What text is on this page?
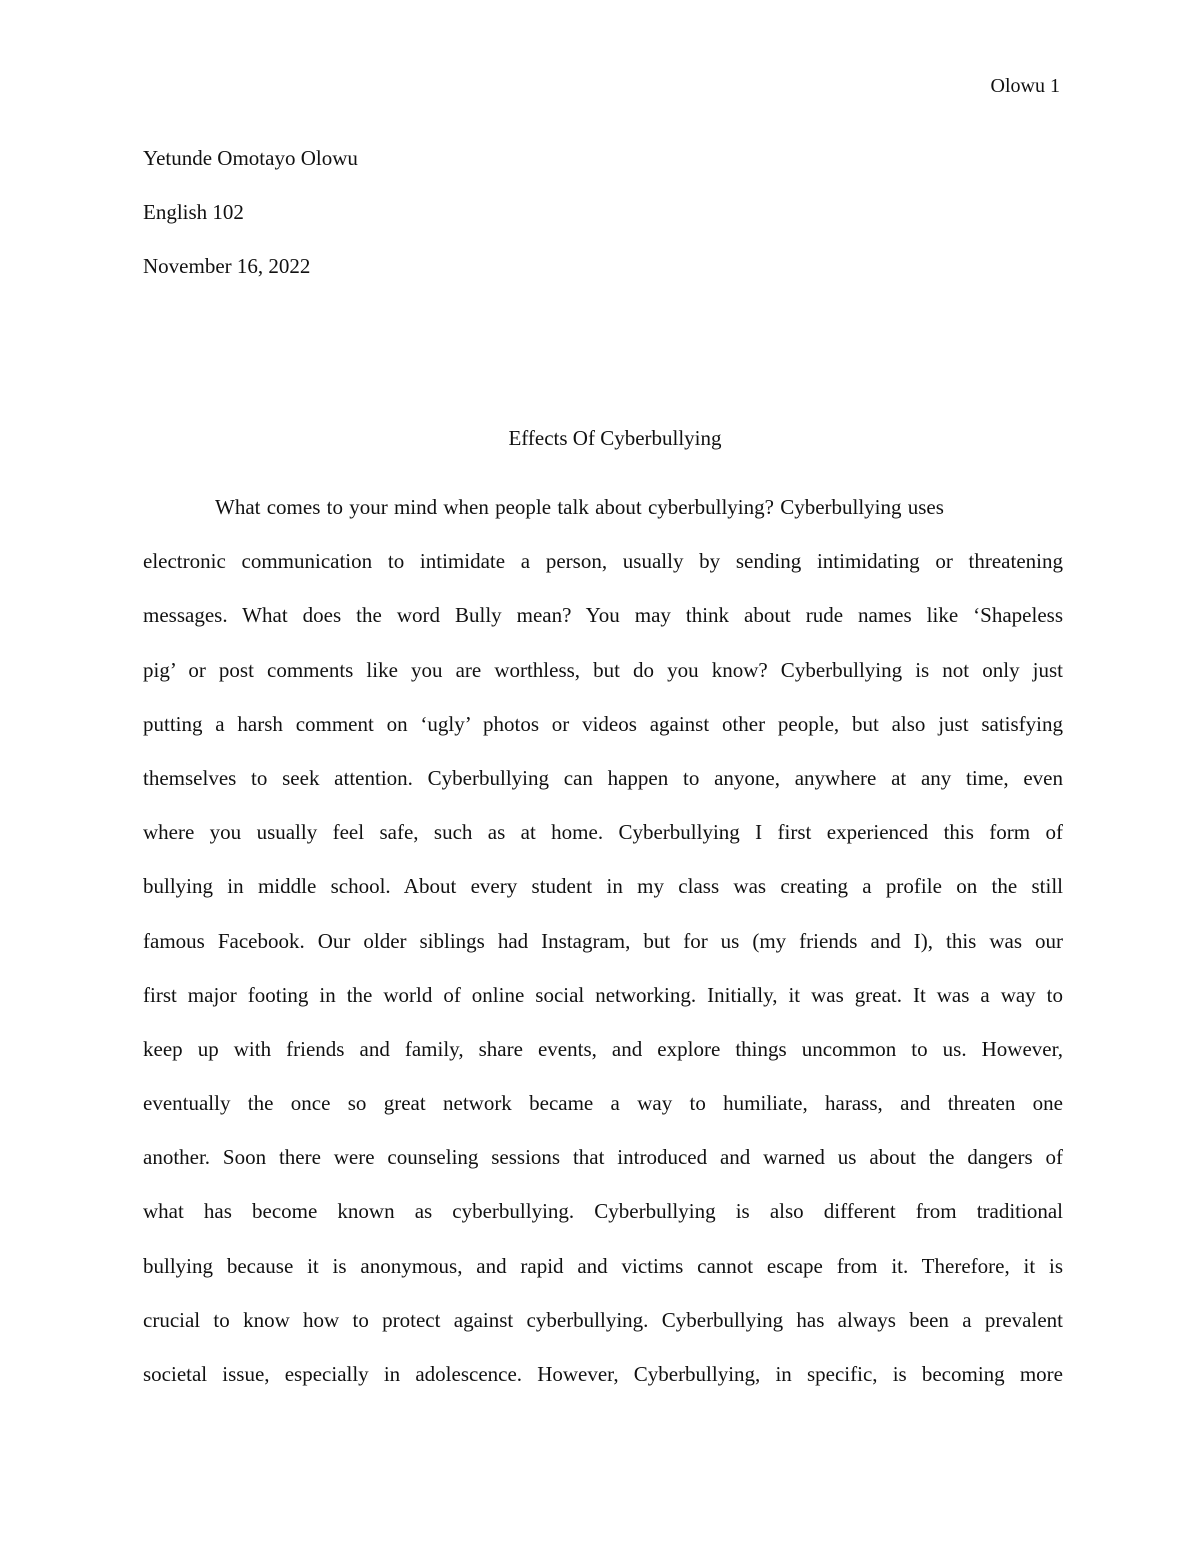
Olowu 1
Yetunde Omotayo Olowu
English 102
November 16, 2022
Effects Of Cyberbullying
What comes to your mind when people talk about cyberbullying? Cyberbullying uses
electronic communication to intimidate a person, usually by sending intimidating or threatening
messages. What does the word Bully mean? You may think about rude names like ‘Shapeless
pig’ or post comments like you are worthless, but do you know? Cyberbullying is not only just
putting a harsh comment on ‘ugly’ photos or videos against other people, but also just satisfying
themselves to seek attention. Cyberbullying can happen to anyone, anywhere at any time, even
where you usually feel safe, such as at home. Cyberbullying I first experienced this form of
bullying in middle school. About every student in my class was creating a profile on the still
famous Facebook. Our older siblings had Instagram, but for us (my friends and I), this was our
first major footing in the world of online social networking. Initially, it was great. It was a way to
keep up with friends and family, share events, and explore things uncommon to us. However,
eventually the once so great network became a way to humiliate, harass, and threaten one
another. Soon there were counseling sessions that introduced and warned us about the dangers of
what has become known as cyberbullying. Cyberbullying is also different from traditional
bullying because it is anonymous, and rapid and victims cannot escape from it. Therefore, it is
crucial to know how to protect against cyberbullying. Cyberbullying has always been a prevalent
societal issue, especially in adolescence. However, Cyberbullying, in specific, is becoming more
